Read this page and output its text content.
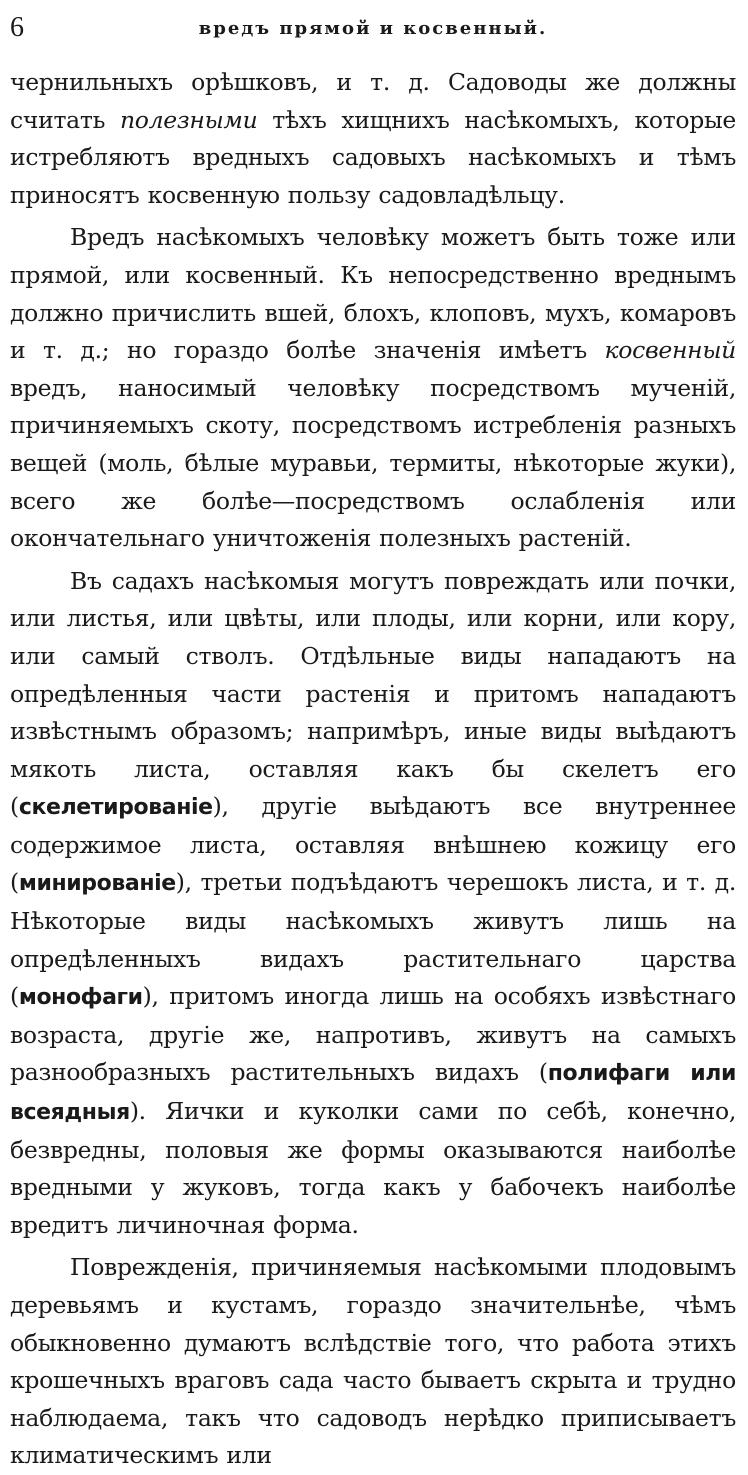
6	вредъ прямой и косвенный.

чернильныхъ орѣшковъ, и т. д. Садоводы же должны считать полезными тѣхъ хищнихъ насѣкомыхъ, которые истребляютъ вредныхъ садовыхъ насѣкомыхъ и тѣмъ приносятъ косвенную пользу садовладѣльцу.

Вредъ насѣкомыхъ человѣку можетъ быть тоже или прямой, или косвенный. Къ непосредственно вреднымъ должно причислить вшей, блохъ, клоповъ, мухъ, комаровъ и т. д.; но гораздо болѣе значенія имѣетъ косвенный вредъ, наносимый человѣку посредствомъ мученій, причиняемыхъ скоту, посредствомъ истребленія разныхъ вещей (моль, бѣлые муравьи, термиты, нѣкоторые жуки), всего же болѣе—посредствомъ ослабленія или окончательнаго уничтоженія полезныхъ растеній.

Въ садахъ насѣкомыя могутъ повреждать или почки, или листья, или цвѣты, или плоды, или корни, или кору, или самый стволъ. Отдѣльные виды нападаютъ на опредѣленныя части растенія и притомъ нападаютъ извѣстнымъ образомъ; напримѣръ, иные виды выѣдаютъ мякоть листа, оставляя какъ бы скелетъ его (скелетированіе), другіе выѣдаютъ все внутреннее содержимое листа, оставляя внѣшнею кожицу его (минированіе), третьи подъѣдаютъ черешокъ листа, и т. д. Нѣкоторые виды насѣкомыхъ живутъ лишь на опредѣленныхъ видахъ растительнаго царства (монофаги), притомъ иногда лишь на особяхъ извѣстнаго возраста, другіе же, напротивъ, живутъ на самыхъ разнообразныхъ растительныхъ видахъ (полифаги или всеядныя). Яички и куколки сами по себѣ, конечно, безвредны, половыя же формы оказываются наиболѣе вредными у жуковъ, тогда какъ у бабочекъ наиболѣе вредитъ личиночная форма.

Поврежденія, причиняемыя насѣкомыми плодовымъ деревьямъ и кустамъ, гораздо значительнѣе, чѣмъ обыкновенно думаютъ вслѣдствіе того, что работа этихъ крошечныхъ враговъ сада часто бываетъ скрыта и трудно наблюдаема, такъ что садоводъ нерѣдко приписываетъ климатическимъ или
